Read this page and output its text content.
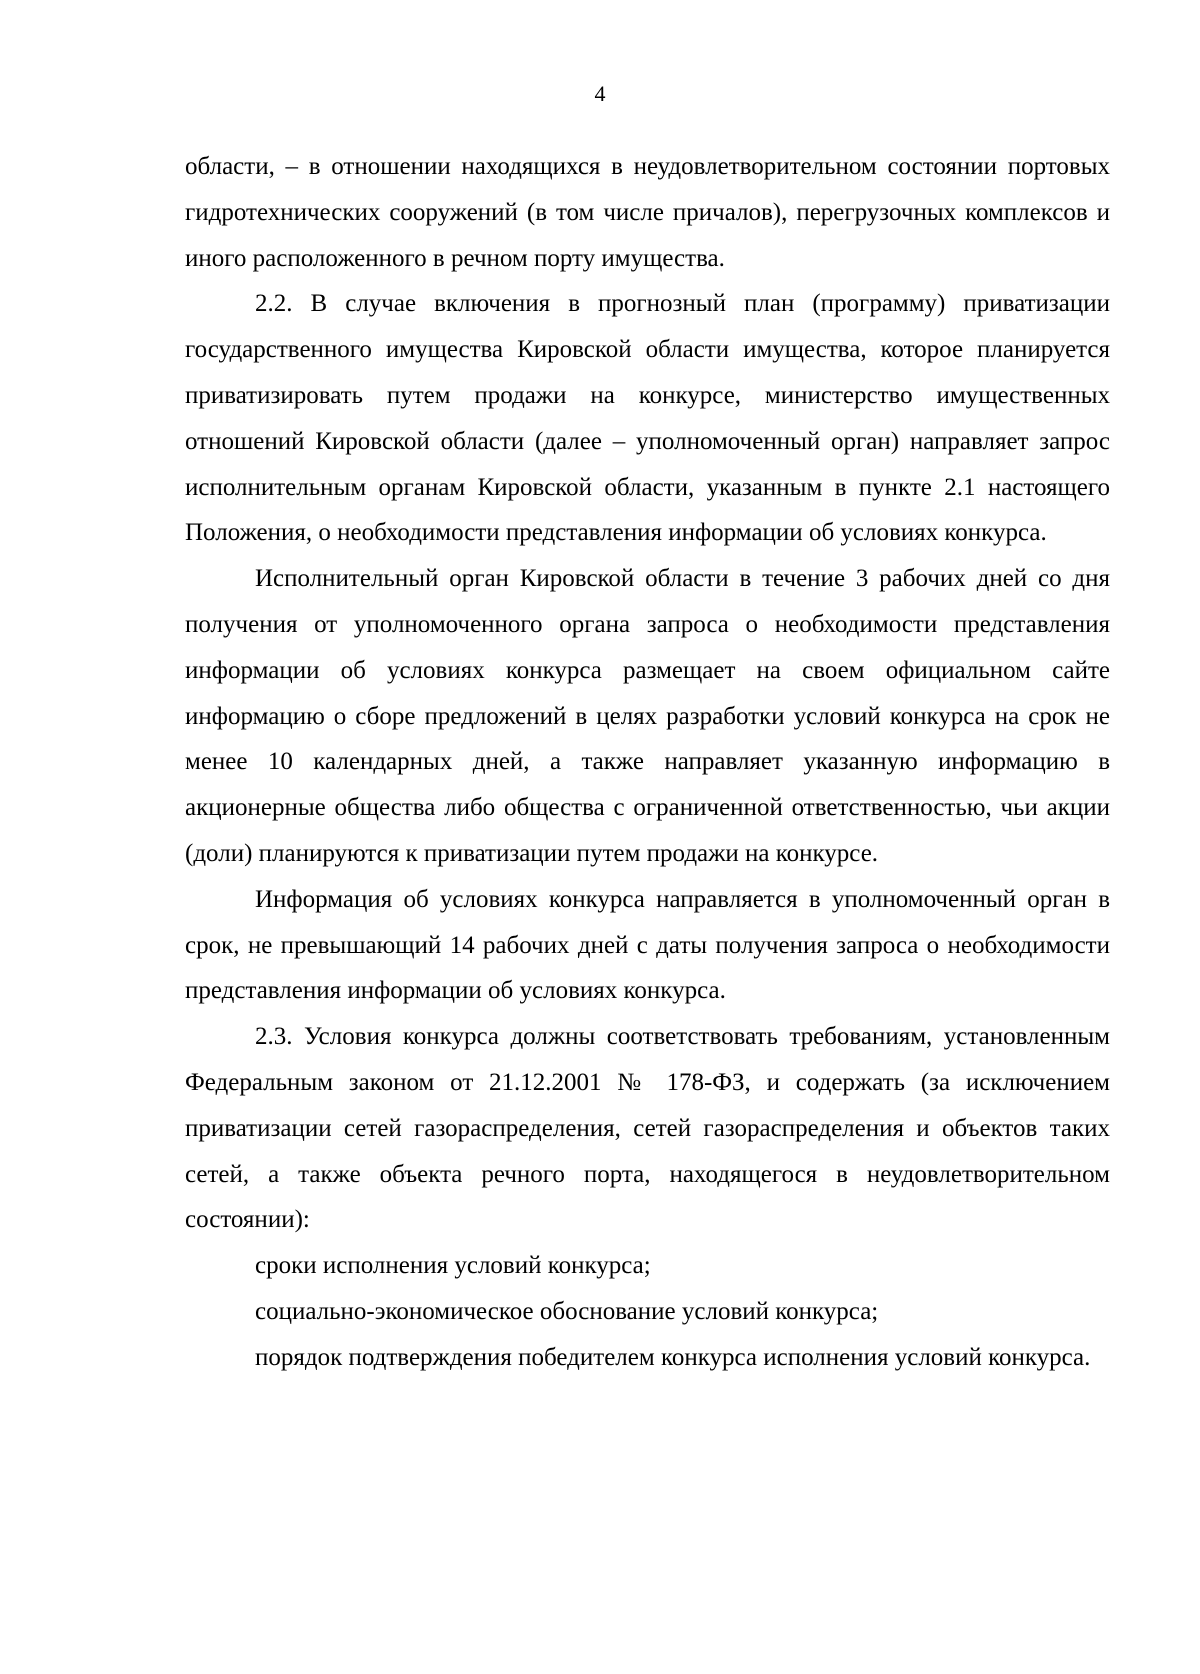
4

области, – в отношении находящихся в неудовлетворительном состоянии портовых гидротехнических сооружений (в том числе причалов), перегрузочных комплексов и иного расположенного в речном порту имущества.

2.2. В случае включения в прогнозный план (программу) приватизации государственного имущества Кировской области имущества, которое планируется приватизировать путем продажи на конкурсе, министерство имущественных отношений Кировской области (далее – уполномоченный орган) направляет запрос исполнительным органам Кировской области, указанным в пункте 2.1 настоящего Положения, о необходимости представления информации об условиях конкурса.

Исполнительный орган Кировской области в течение 3 рабочих дней со дня получения от уполномоченного органа запроса о необходимости представления информации об условиях конкурса размещает на своем официальном сайте информацию о сборе предложений в целях разработки условий конкурса на срок не менее 10 календарных дней, а также направляет указанную информацию в акционерные общества либо общества с ограниченной ответственностью, чьи акции (доли) планируются к приватизации путем продажи на конкурсе.

Информация об условиях конкурса направляется в уполномоченный орган в срок, не превышающий 14 рабочих дней с даты получения запроса о необходимости представления информации об условиях конкурса.

2.3. Условия конкурса должны соответствовать требованиям, установленным Федеральным законом от 21.12.2001 № 178-ФЗ, и содержать (за исключением приватизации сетей газораспределения, сетей газораспределения и объектов таких сетей, а также объекта речного порта, находящегося в неудовлетворительном состоянии):

сроки исполнения условий конкурса;

социально-экономическое обоснование условий конкурса;

порядок подтверждения победителем конкурса исполнения условий конкурса.
